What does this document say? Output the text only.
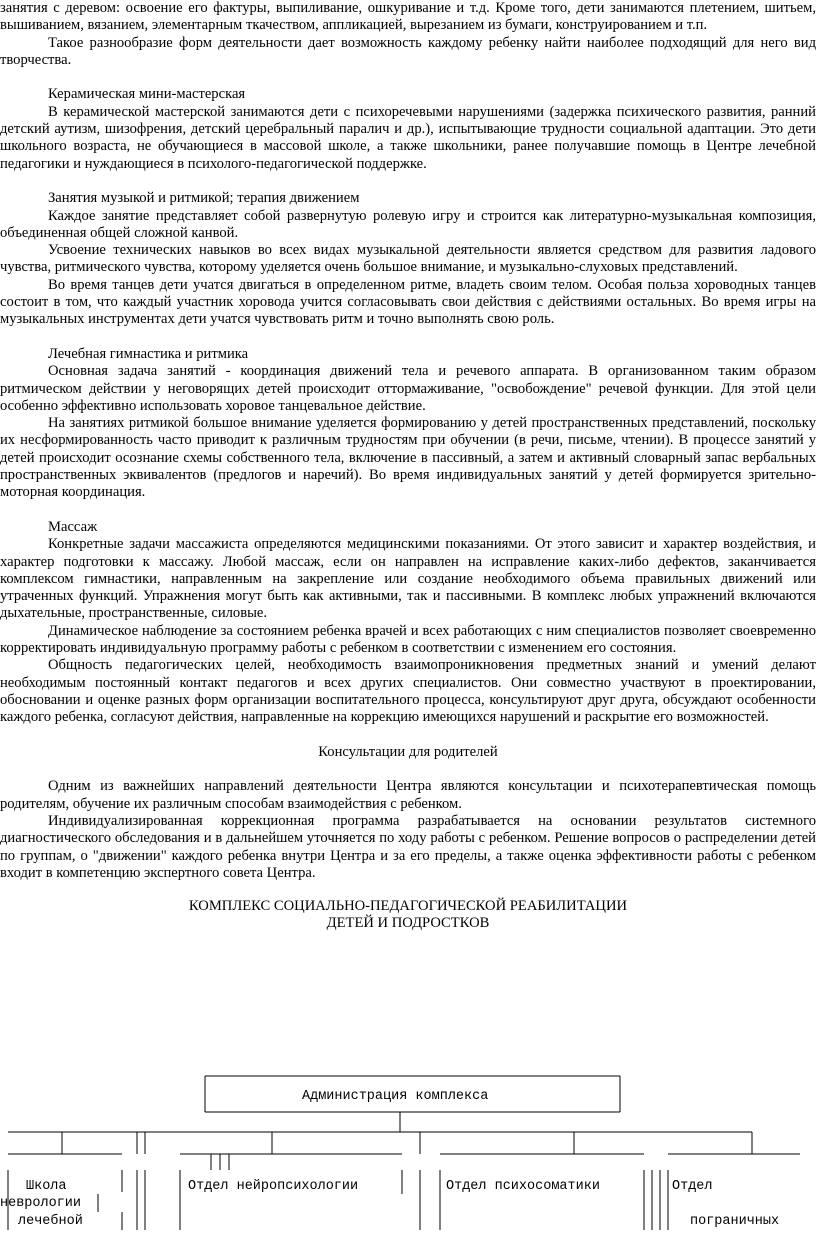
занятия с деревом: освоение его фактуры, выпиливание, ошкуривание и т.д. Кроме того, дети занимаются плетением, шитьем, вышиванием, вязанием, элементарным ткачеством, аппликацией, вырезанием из бумаги, конструированием и т.п.

Такое разнообразие форм деятельности дает возможность каждому ребенку найти наиболее подходящий для него вид творчества.

Керамическая мини-мастерская

В керамической мастерской занимаются дети с психоречевыми нарушениями (задержка психического развития, ранний детский аутизм, шизофрения, детский церебральный паралич и др.), испытывающие трудности социальной адаптации. Это дети школьного возраста, не обучающиеся в массовой школе, а также школьники, ранее получавшие помощь в Центре лечебной педагогики и нуждающиеся в психолого-педагогической поддержке.

Занятия музыкой и ритмикой; терапия движением

Каждое занятие представляет собой развернутую ролевую игру и строится как литературно-музыкальная композиция, объединенная общей сложной канвой.

Усвоение технических навыков во всех видах музыкальной деятельности является средством для развития ладового чувства, ритмического чувства, которому уделяется очень большое внимание, и музыкально-слуховых представлений.

Во время танцев дети учатся двигаться в определенном ритме, владеть своим телом. Особая польза хороводных танцев состоит в том, что каждый участник хоровода учится согласовывать свои действия с действиями остальных. Во время игры на музыкальных инструментах дети учатся чувствовать ритм и точно выполнять свою роль.

Лечебная гимнастика и ритмика

Основная задача занятий - координация движений тела и речевого аппарата. В организованном таким образом ритмическом действии у неговорящих детей происходит оттормаживание, "освобождение" речевой функции. Для этой цели особенно эффективно использовать хоровое танцевальное действие.

На занятиях ритмикой большое внимание уделяется формированию у детей пространственных представлений, поскольку их несформированность часто приводит к различным трудностям при обучении (в речи, письме, чтении). В процессе занятий у детей происходит осознание схемы собственного тела, включение в пассивный, а затем и активный словарный запас вербальных пространственных эквивалентов (предлогов и наречий). Во время индивидуальных занятий у детей формируется зрительно-моторная координация.

Массаж

Конкретные задачи массажиста определяются медицинскими показаниями. От этого зависит и характер воздействия, и характер подготовки к массажу. Любой массаж, если он направлен на исправление каких-либо дефектов, заканчивается комплексом гимнастики, направленным на закрепление или создание необходимого объема правильных движений или утраченных функций. Упражнения могут быть как активными, так и пассивными. В комплекс любых упражнений включаются дыхательные, пространственные, силовые.

Динамическое наблюдение за состоянием ребенка врачей и всех работающих с ним специалистов позволяет своевременно корректировать индивидуальную программу работы с ребенком в соответствии с изменением его состояния.

Общность педагогических целей, необходимость взаимопроникновения предметных знаний и умений делают необходимым постоянный контакт педагогов и всех других специалистов. Они совместно участвуют в проектировании, обосновании и оценке разных форм организации воспитательного процесса, консультируют друг друга, обсуждают особенности каждого ребенка, согласуют действия, направленные на коррекцию имеющихся нарушений и раскрытие его возможностей.

Консультации для родителей

Одним из важнейших направлений деятельности Центра являются консультации и психотерапевтическая помощь родителям, обучение их различным способам взаимодействия с ребенком.

Индивидуализированная коррекционная программа разрабатывается на основании результатов системного диагностического обследования и в дальнейшем уточняется по ходу работы с ребенком. Решение вопросов о распределении детей по группам, о "движении" каждого ребенка внутри Центра и за его пределы, а также оценка эффективности работы с ребенком входит в компетенцию экспертного совета Центра.

КОМПЛЕКС СОЦИАЛЬНО-ПЕДАГОГИЧЕСКОЙ РЕАБИЛИТАЦИИ
ДЕТЕЙ И ПОДРОСТКОВ
Администрация комплекса
Школа
неврологии
лечебной
Отдел нейропсихологии	Отдел психосоматики	Отдел
пограничных
